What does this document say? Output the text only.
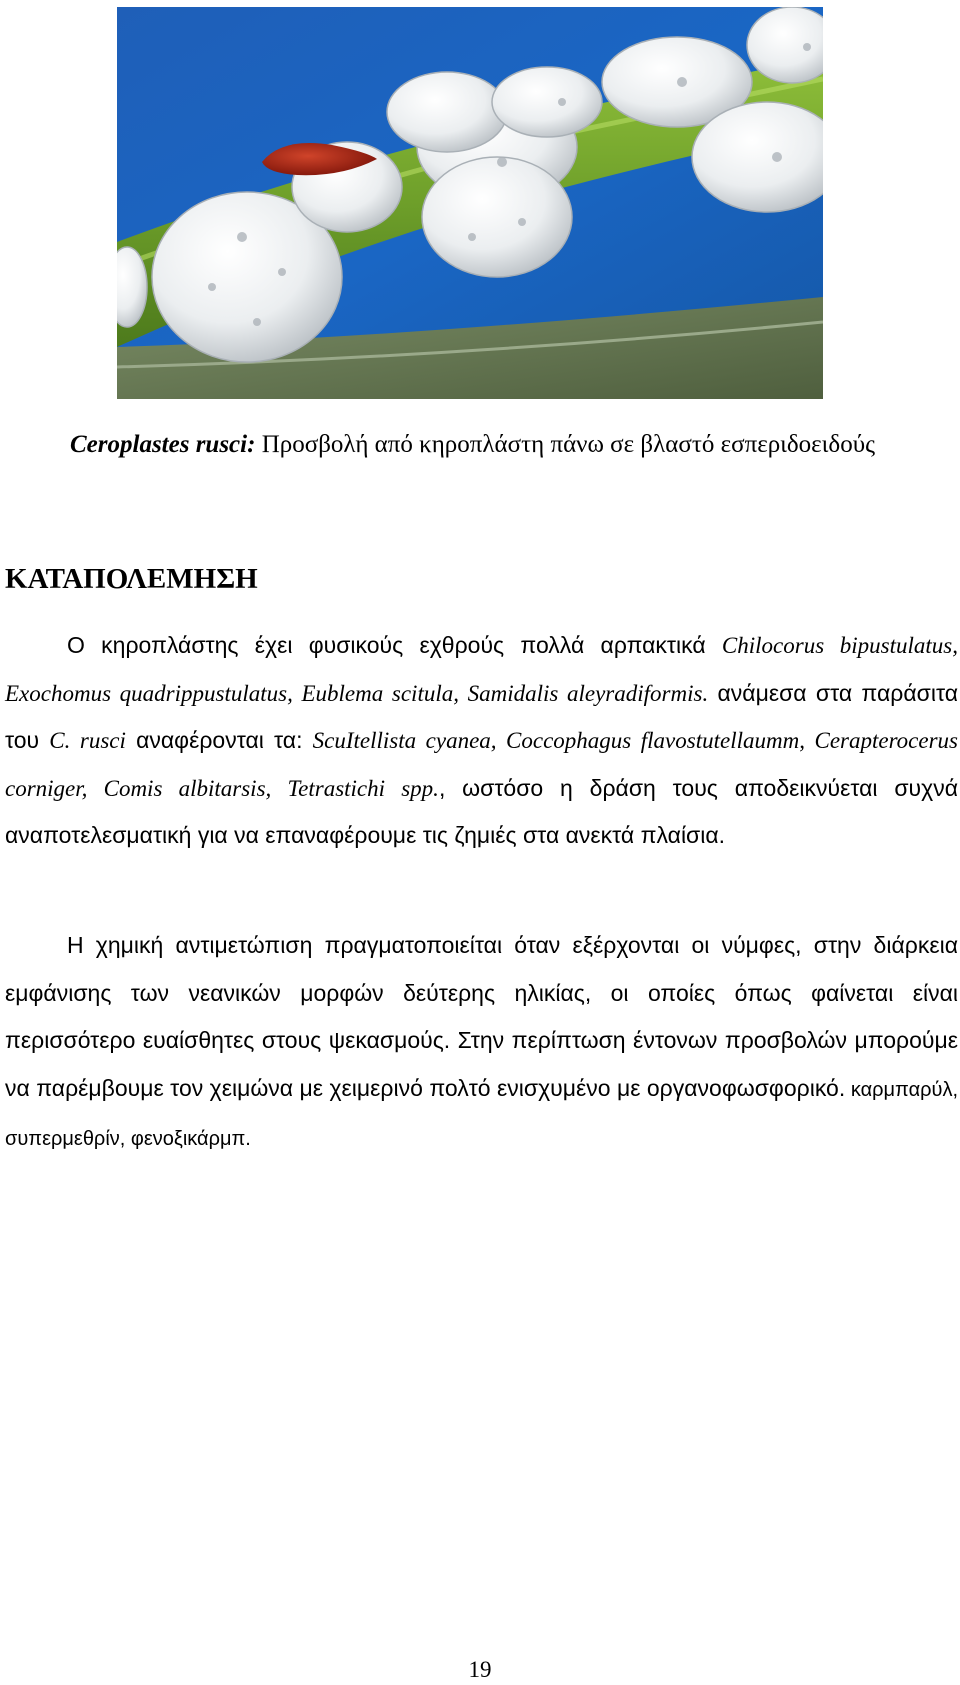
Ceroplastes rusci: Προσβολή από κηροπλάστη πάνω σε βλαστό εσπεριδοειδούς
ΚΑΤΑΠΟΛΕΜΗΣΗ

Ο κηροπλάστης έχει φυσικούς εχθρούς πολλά αρπακτικά Chilocorus bipustulatus, Exochomus quadrippustulatus, Eublema scitula, Samidalis aleyradiformis. ανάμεσα στα παράσιτα του C. rusci αναφέρονται τα: ScuItellista cyanea, Coccophagus flavostutellaumm, Cerapterocerus corniger, Comis albitarsis, Tetrastichi spp., ωστόσο η δράση τους αποδεικνύεται συχνά αναποτελεσματική για να επαναφέρουμε τις ζημιές στα ανεκτά πλαίσια.

Η χημική αντιμετώπιση πραγματοποιείται όταν εξέρχονται οι νύμφες, στην διάρκεια εμφάνισης των νεανικών μορφών δεύτερης ηλικίας, οι οποίες όπως φαίνεται είναι περισσότερο ευαίσθητες στους ψεκασμούς. Στην περίπτωση έντονων προσβολών μπορούμε να παρέμβουμε τον χειμώνα με χειμερινό πολτό ενισχυμένο με οργανοφωσφορικό. καρμπαρύλ, συπερμεθρίν, φενοξικάρμπ.

19
